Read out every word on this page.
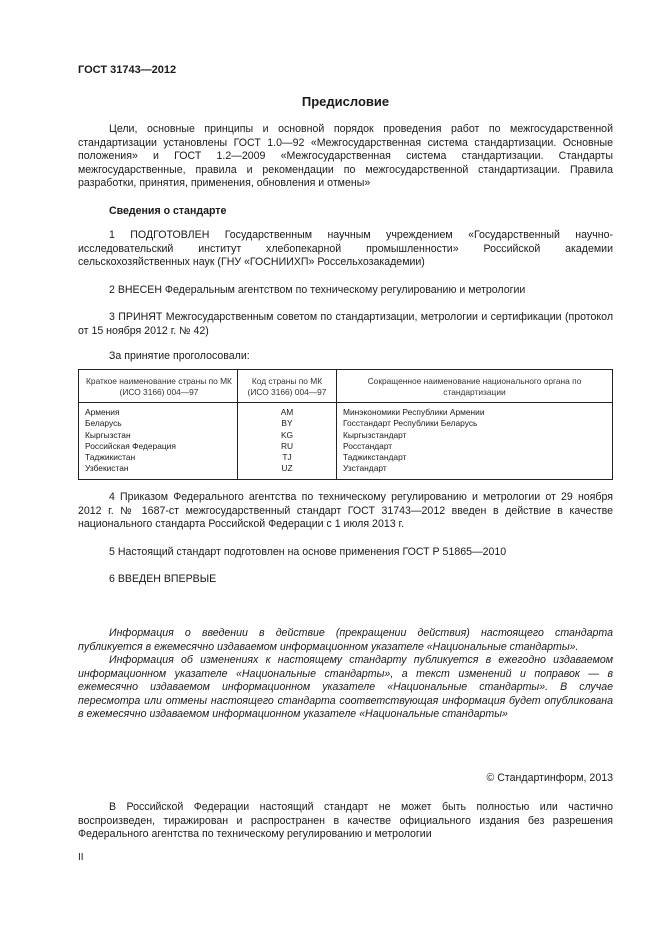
ГОСТ 31743—2012
Предисловие

Цели, основные принципы и основной порядок проведения работ по межгосударственной стандартизации установлены ГОСТ 1.0—92 «Межгосударственная система стандартизации. Основные положения» и ГОСТ 1.2—2009 «Межгосударственная система стандартизации. Стандарты межгосударственные, правила и рекомендации по межгосударственной стандартизации. Правила разработки, принятия, применения, обновления и отмены»

Сведения о стандарте

1 ПОДГОТОВЛЕН Государственным научным учреждением «Государственный научно-исследовательский институт хлебопекарной промышленности» Российской академии сельскохозяйственных наук (ГНУ «ГОСНИИХП» Россельхозакадемии)

2 ВНЕСЕН Федеральным агентством по техническому регулированию и метрологии

3 ПРИНЯТ Межгосударственным советом по стандартизации, метрологии и сертификации (протокол от 15 ноября 2012 г. № 42)

За принятие проголосовали:
Краткое наименование страны по МК (ИСО 3166) 004—97	Код страны по МК (ИСО 3166) 004—97	Сокращенное наименование национального органа по стандартизации
Армения	AM	Минэкономики Республики Армении
Беларусь	BY	Госстандарт Республики Беларусь
Кыргызстан	KG	Кыргызстандарт
Российская Федерация	RU	Росстандарт
Таджикистан	TJ	Таджикстандарт
Узбекистан	UZ	Узстандарт

4 Приказом Федерального агентства по техническому регулированию и метрологии от 29 ноября 2012 г. № 1687-ст межгосударственный стандарт ГОСТ 31743—2012 введен в действие в качестве национального стандарта Российской Федерации с 1 июля 2013 г.

5 Настоящий стандарт подготовлен на основе применения ГОСТ Р 51865—2010

6 ВВЕДЕН ВПЕРВЫЕ

Информация о введении в действие (прекращении действия) настоящего стандарта публикуется в ежемесячно издаваемом информационном указателе «Национальные стандарты».

Информация об изменениях к настоящему стандарту публикуется в ежегодно издаваемом информационном указателе «Национальные стандарты», а текст изменений и поправок — в ежемесячно издаваемом информационном указателе «Национальные стандарты». В случае пересмотра или отмены настоящего стандарта соответствующая информация будет опубликована в ежемесячно издаваемом информационном указателе «Национальные стандарты»

© Стандартинформ, 2013

В Российской Федерации настоящий стандарт не может быть полностью или частично воспроизведен, тиражирован и распространен в качестве официального издания без разрешения Федерального агентства по техническому регулированию и метрологии

II
